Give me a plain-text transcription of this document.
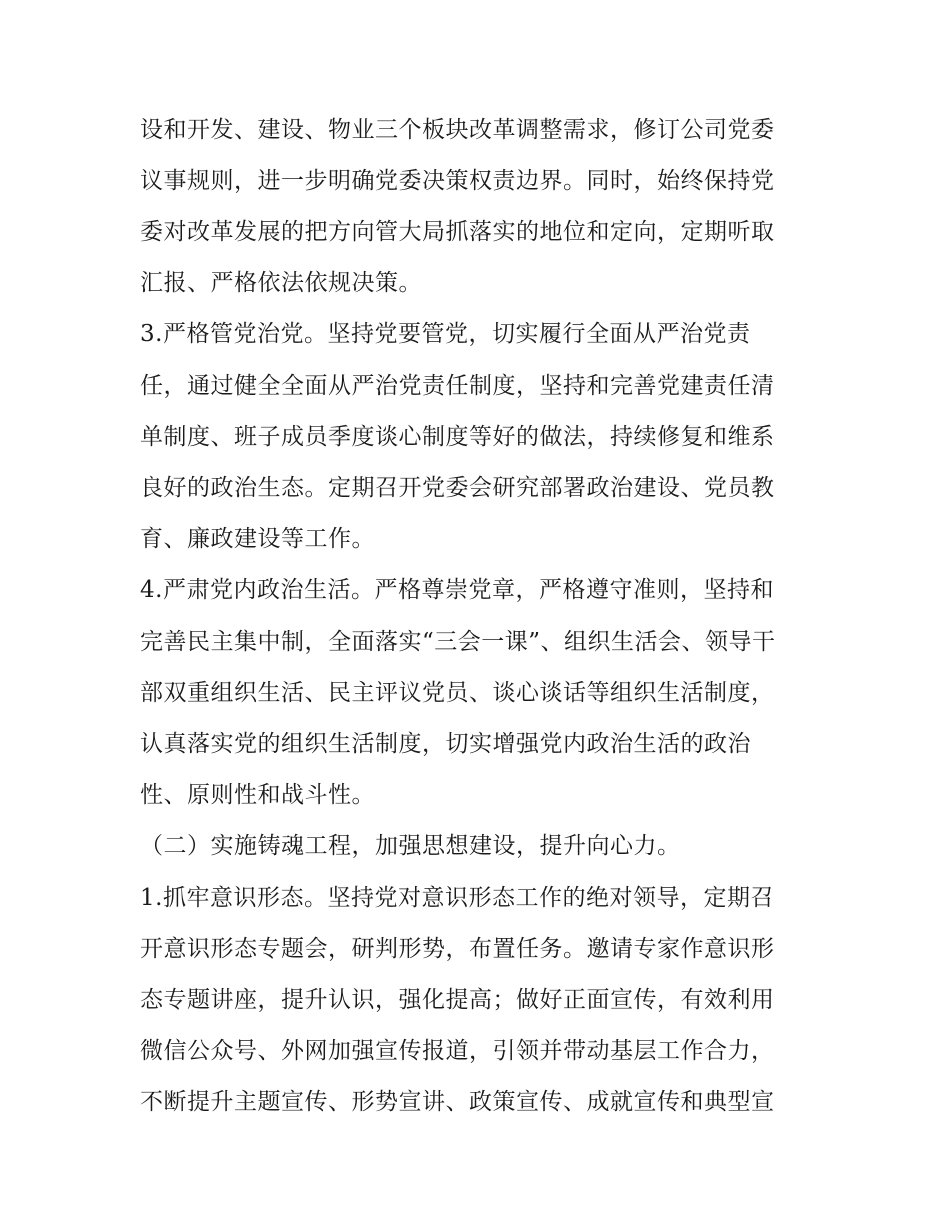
设和开发、建设、物业三个板块改革调整需求，修订公司党委

议事规则，进一步明确党委决策权责边界。同时，始终保持党

委对改革发展的把方向管大局抓落实的地位和定向，定期听取

汇报、严格依法依规决策。

3.严格管党治党。坚持党要管党，切实履行全面从严治党责

任，通过健全全面从严治党责任制度，坚持和完善党建责任清

单制度、班子成员季度谈心制度等好的做法，持续修复和维系

良好的政治生态。定期召开党委会研究部署政治建设、党员教

育、廉政建设等工作。

4.严肃党内政治生活。严格尊崇党章，严格遵守准则，坚持和

完善民主集中制，全面落实“三会一课”、组织生活会、领导干

部双重组织生活、民主评议党员、谈心谈话等组织生活制度，

认真落实党的组织生活制度，切实增强党内政治生活的政治

性、原则性和战斗性。

（二）实施铸魂工程，加强思想建设，提升向心力。

1.抓牢意识形态。坚持党对意识形态工作的绝对领导，定期召

开意识形态专题会，研判形势，布置任务。邀请专家作意识形

态专题讲座，提升认识，强化提高；做好正面宣传，有效利用

微信公众号、外网加强宣传报道，引领并带动基层工作合力，

不断提升主题宣传、形势宣讲、政策宣传、成就宣传和典型宣
